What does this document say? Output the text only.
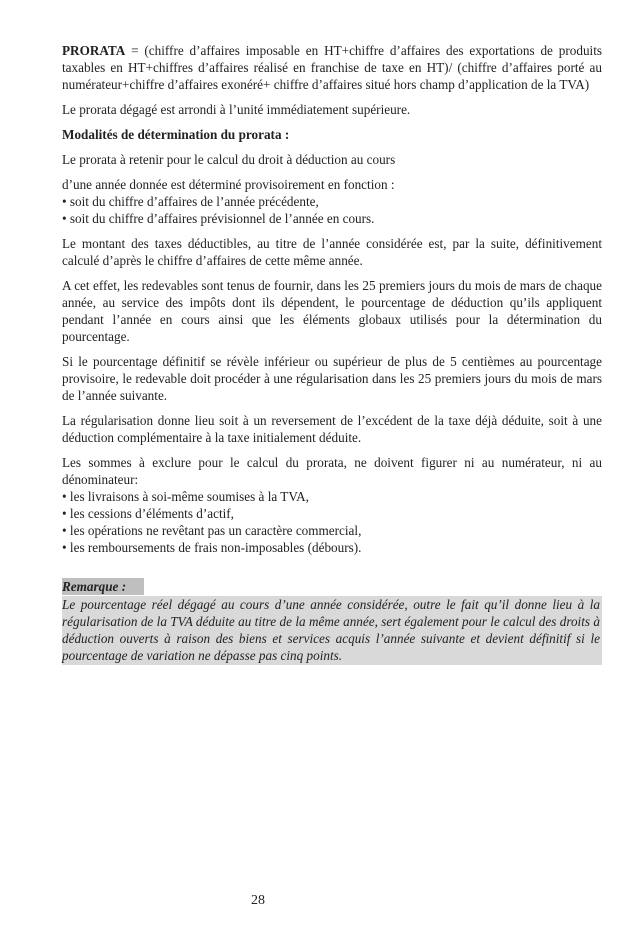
PRORATA = (chiffre d’affaires imposable en HT+chiffre d’affaires des exportations de produits taxables en HT+chiffres d’affaires réalisé en franchise de taxe en HT)/ (chiffre d’affaires porté au numérateur+chiffre d’affaires exonéré+ chiffre d’affaires situé hors champ d’application de la TVA)

Le prorata dégagé est arrondi à l’unité immédiatement supérieure.

Modalités de détermination du prorata :

Le prorata à retenir pour le calcul du droit à déduction au cours

d’une année donnée est déterminé provisoirement en fonction :

• soit du chiffre d’affaires de l’année précédente,
• soit du chiffre d’affaires prévisionnel de l’année en cours.

Le montant des taxes déductibles, au titre de l’année considérée est, par la suite, définitivement calculé d’après le chiffre d’affaires de cette même année.

A cet effet, les redevables sont tenus de fournir, dans les 25 premiers jours du mois de mars de chaque année, au service des impôts dont ils dépendent, le pourcentage de déduction qu’ils appliquent pendant l’année en cours ainsi que les éléments globaux utilisés pour la détermination du pourcentage.

Si le pourcentage définitif se révèle inférieur ou supérieur de plus de 5 centièmes au pourcentage provisoire, le redevable doit procéder à une régularisation dans les 25 premiers jours du mois de mars de l’année suivante.

La régularisation donne lieu soit à un reversement de l’excédent de la taxe déjà déduite, soit à une déduction complémentaire à la taxe initialement déduite.

Les sommes à exclure pour le calcul du prorata, ne doivent figurer ni au numérateur, ni au dénominateur:

• les livraisons à soi-même soumises à la TVA,
• les cessions d’éléments d’actif,
• les opérations ne revêtant pas un caractère commercial,
• les remboursements de frais non-imposables (débours).
Remarque :
Le pourcentage réel dégagé au cours d’une année considérée, outre le fait qu’il donne lieu à la régularisation de la TVA déduite au titre de la même année, sert également pour le calcul des droits à déduction ouverts à raison des biens et services acquis l’année suivante et devient définitif si le pourcentage de variation ne dépasse pas cinq points.
28
